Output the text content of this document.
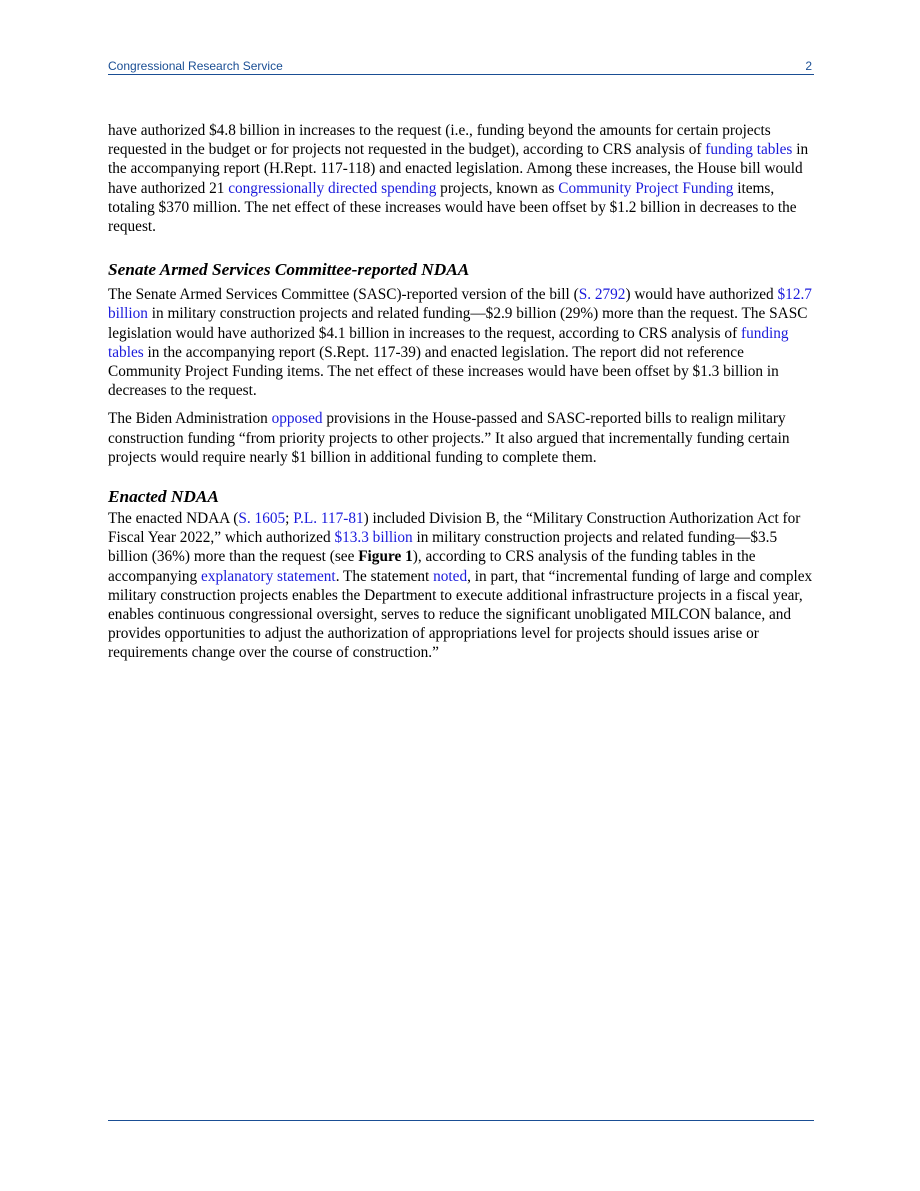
Congressional Research Service	2

have authorized $4.8 billion in increases to the request (i.e., funding beyond the amounts for certain projects requested in the budget or for projects not requested in the budget), according to CRS analysis of funding tables in the accompanying report (H.Rept. 117-118) and enacted legislation. Among these increases, the House bill would have authorized 21 congressionally directed spending projects, known as Community Project Funding items, totaling $370 million. The net effect of these increases would have been offset by $1.2 billion in decreases to the request.

Senate Armed Services Committee-reported NDAA

The Senate Armed Services Committee (SASC)-reported version of the bill (S. 2792) would have authorized $12.7 billion in military construction projects and related funding—$2.9 billion (29%) more than the request. The SASC legislation would have authorized $4.1 billion in increases to the request, according to CRS analysis of funding tables in the accompanying report (S.Rept. 117-39) and enacted legislation. The report did not reference Community Project Funding items. The net effect of these increases would have been offset by $1.3 billion in decreases to the request.

The Biden Administration opposed provisions in the House-passed and SASC-reported bills to realign military construction funding “from priority projects to other projects.” It also argued that incrementally funding certain projects would require nearly $1 billion in additional funding to complete them.

Enacted NDAA

The enacted NDAA (S. 1605; P.L. 117-81) included Division B, the “Military Construction Authorization Act for Fiscal Year 2022,” which authorized $13.3 billion in military construction projects and related funding—$3.5 billion (36%) more than the request (see Figure 1), according to CRS analysis of the funding tables in the accompanying explanatory statement. The statement noted, in part, that “incremental funding of large and complex military construction projects enables the Department to execute additional infrastructure projects in a fiscal year, enables continuous congressional oversight, serves to reduce the significant unobligated MILCON balance, and provides opportunities to adjust the authorization of appropriations level for projects should issues arise or requirements change over the course of construction.”
